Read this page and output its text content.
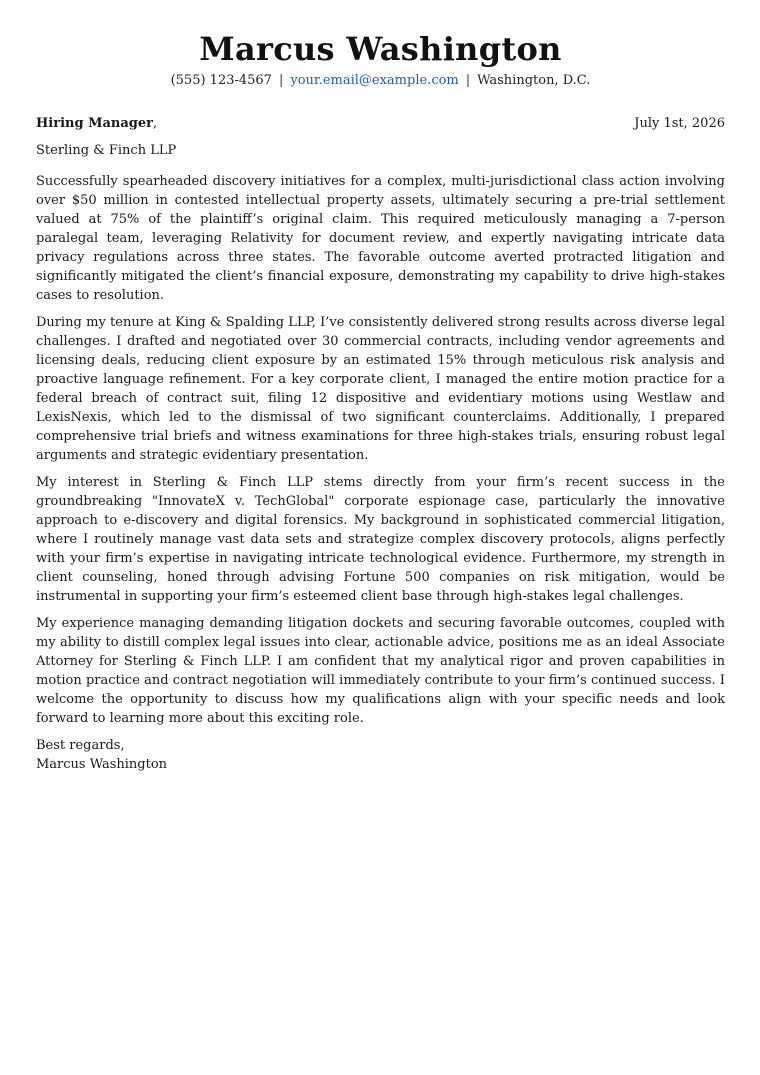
Marcus Washington
(555) 123-4567 | your.email@example.com | Washington, D.C.
Hiring Manager,	July 1st, 2026
Sterling & Finch LLP

Successfully spearheaded discovery initiatives for a complex, multi-jurisdictional class action involving over $50 million in contested intellectual property assets, ultimately securing a pre-trial settlement valued at 75% of the plaintiff’s original claim. This required meticulously managing a 7-person paralegal team, leveraging Relativity for document review, and expertly navigating intricate data privacy regulations across three states. The favorable outcome averted protracted litigation and significantly mitigated the client’s financial exposure, demonstrating my capability to drive high-stakes cases to resolution.

During my tenure at King & Spalding LLP, I’ve consistently delivered strong results across diverse legal challenges. I drafted and negotiated over 30 commercial contracts, including vendor agreements and licensing deals, reducing client exposure by an estimated 15% through meticulous risk analysis and proactive language refinement. For a key corporate client, I managed the entire motion practice for a federal breach of contract suit, filing 12 dispositive and evidentiary motions using Westlaw and LexisNexis, which led to the dismissal of two significant counterclaims. Additionally, I prepared comprehensive trial briefs and witness examinations for three high-stakes trials, ensuring robust legal arguments and strategic evidentiary presentation.

My interest in Sterling & Finch LLP stems directly from your firm’s recent success in the groundbreaking "InnovateX v. TechGlobal" corporate espionage case, particularly the innovative approach to e-discovery and digital forensics. My background in sophisticated commercial litigation, where I routinely manage vast data sets and strategize complex discovery protocols, aligns perfectly with your firm’s expertise in navigating intricate technological evidence. Furthermore, my strength in client counseling, honed through advising Fortune 500 companies on risk mitigation, would be instrumental in supporting your firm’s esteemed client base through high-stakes legal challenges.

My experience managing demanding litigation dockets and securing favorable outcomes, coupled with my ability to distill complex legal issues into clear, actionable advice, positions me as an ideal Associate Attorney for Sterling & Finch LLP. I am confident that my analytical rigor and proven capabilities in motion practice and contract negotiation will immediately contribute to your firm’s continued success. I welcome the opportunity to discuss how my qualifications align with your specific needs and look forward to learning more about this exciting role.

Best regards,
Marcus Washington
